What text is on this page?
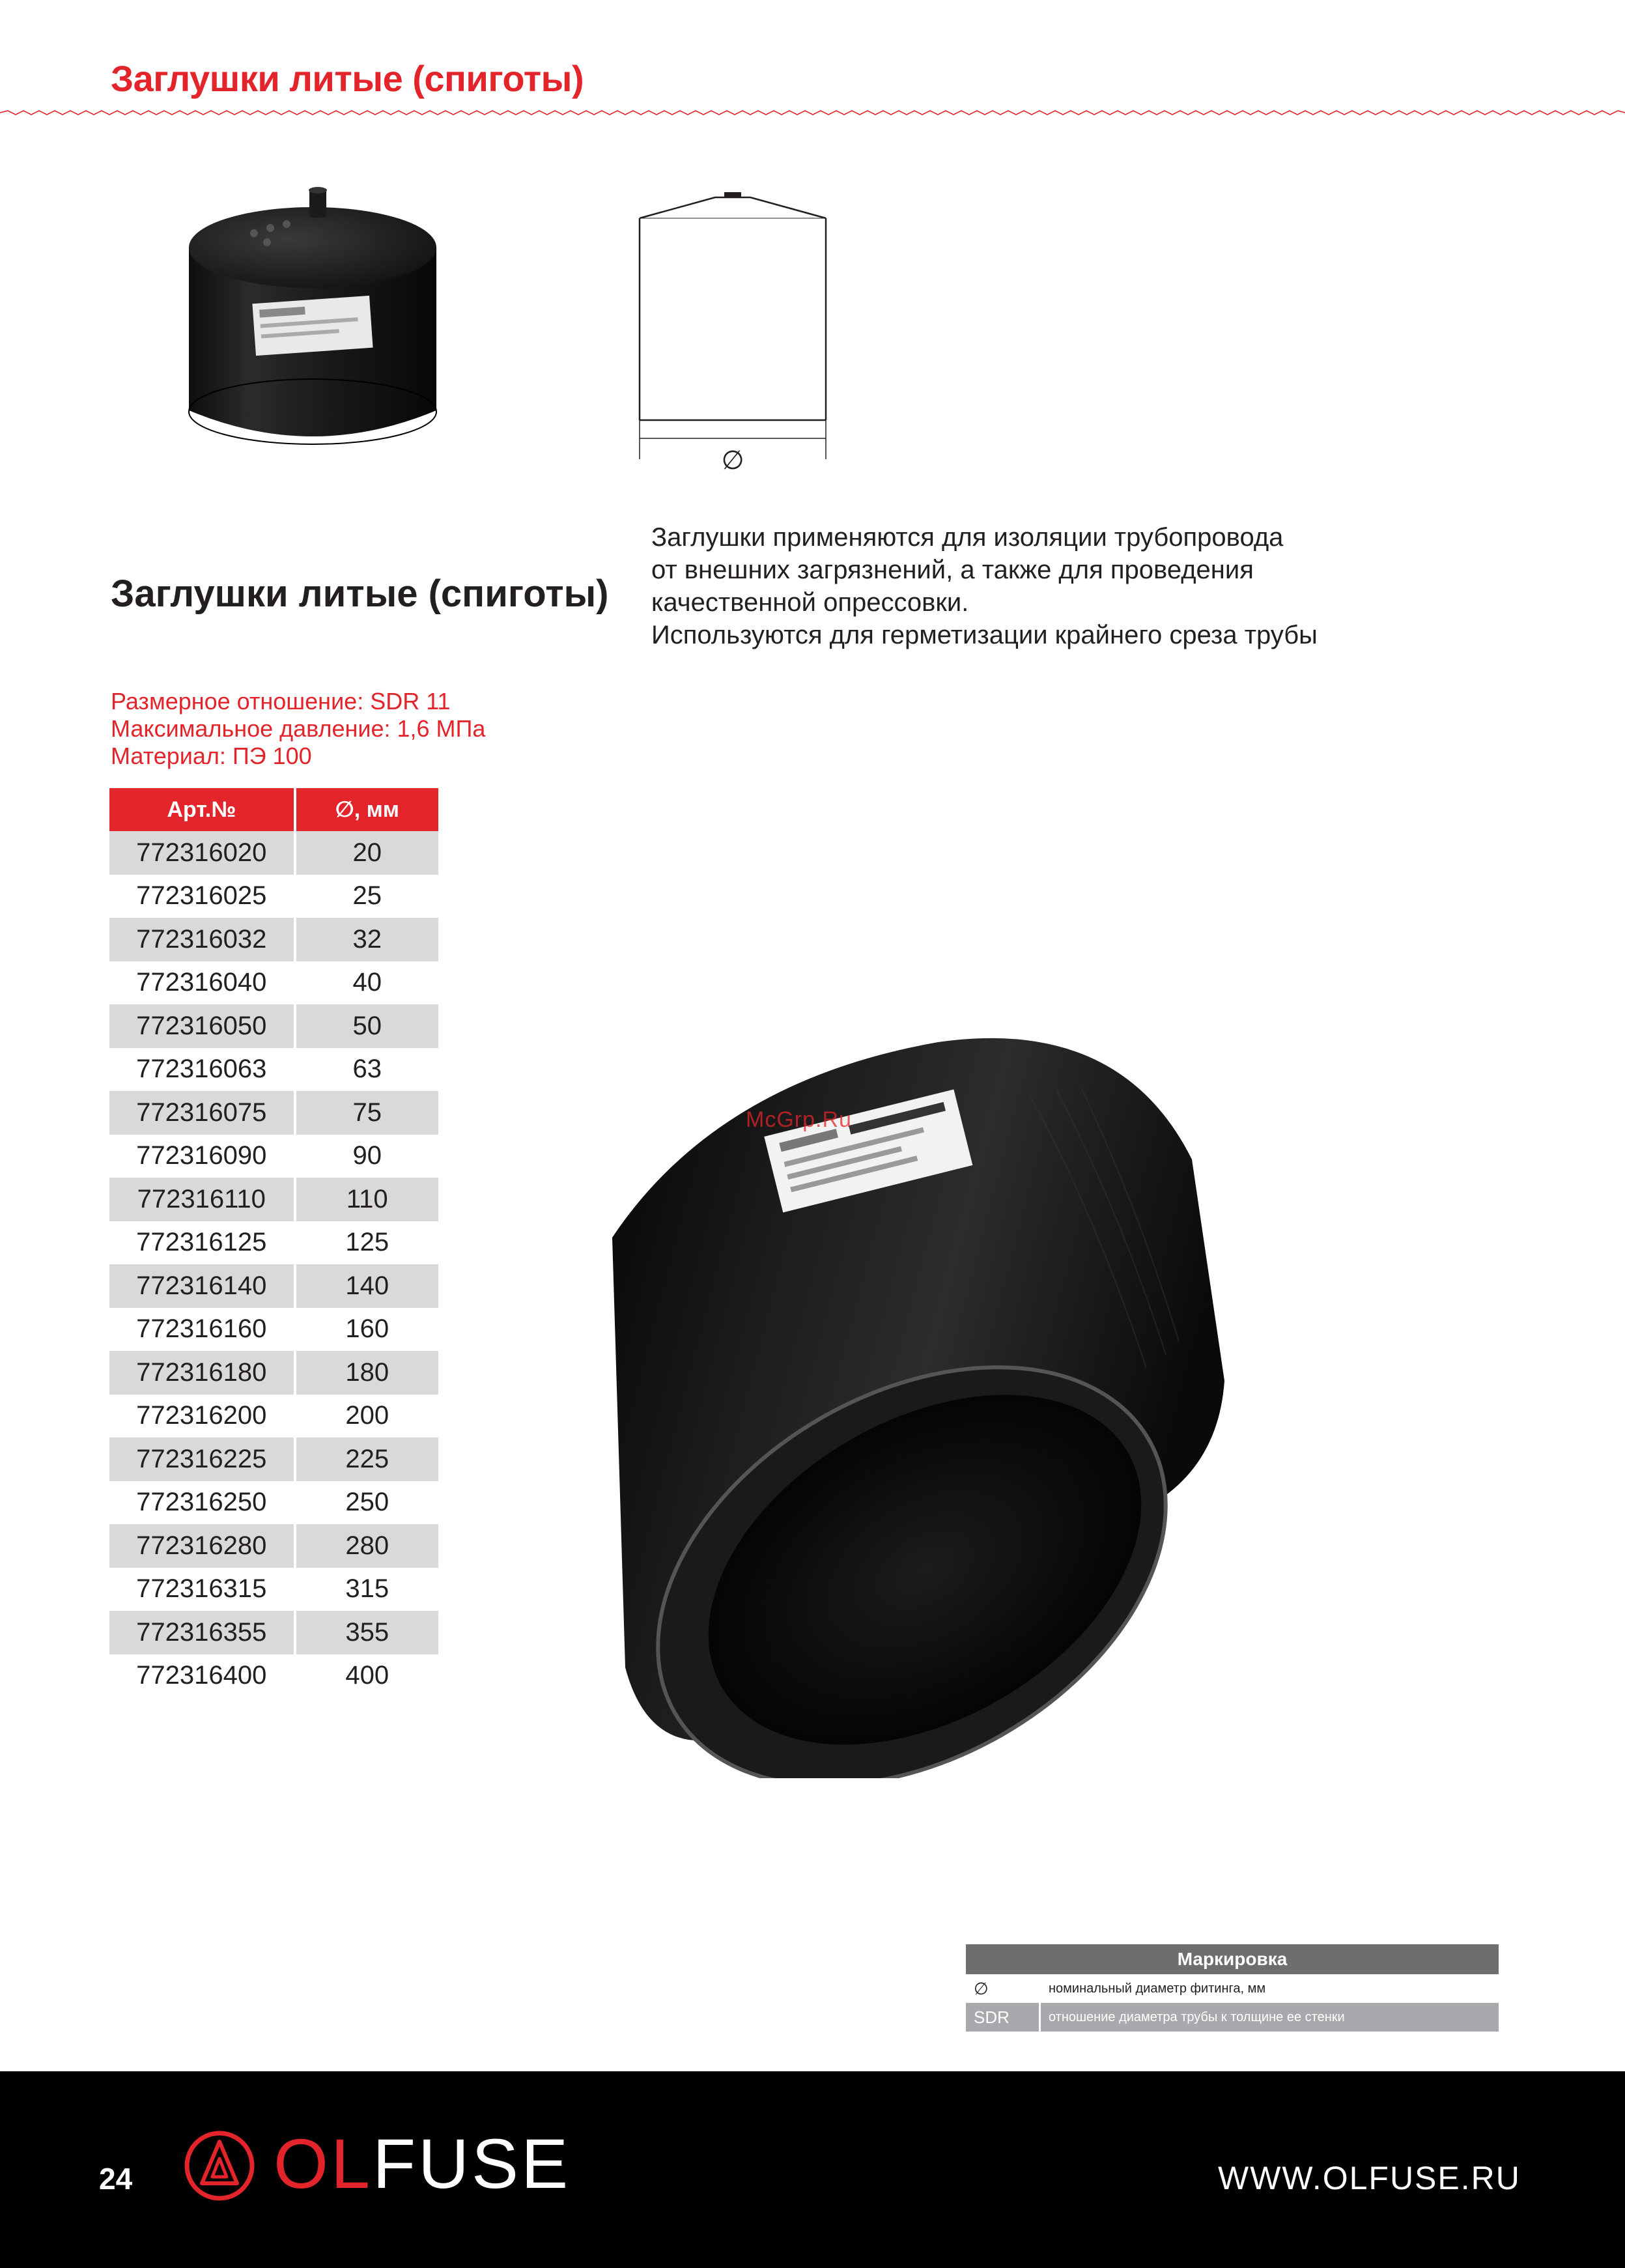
Заглушки литые (спиготы)
∅
Заглушки литые (спиготы)
Заглушки применяются для изоляции трубопровода
от внешних загрязнений, а также для проведения
качественной опрессовки.
Используются для герметизации крайнего среза трубы
Размерное отношение: SDR 11
Максимальное давление: 1,6 МПа
Материал: ПЭ 100
Арт.№	∅, мм
772316020	20
772316025	25
772316032	32
772316040	40
772316050	50
772316063	63
772316075	75
772316090	90
772316110	110
772316125	125
772316140	140
772316160	160
772316180	180
772316200	200
772316225	225
772316250	250
772316280	280
772316315	315
772316355	355
772316400	400
McGrp.Ru
Маркировка	
∅	номинальный диаметр фитинга, мм
SDR	отношение диаметра трубы к толщине ее стенки
24 OLFUSE	WWW.OLFUSE.RU
